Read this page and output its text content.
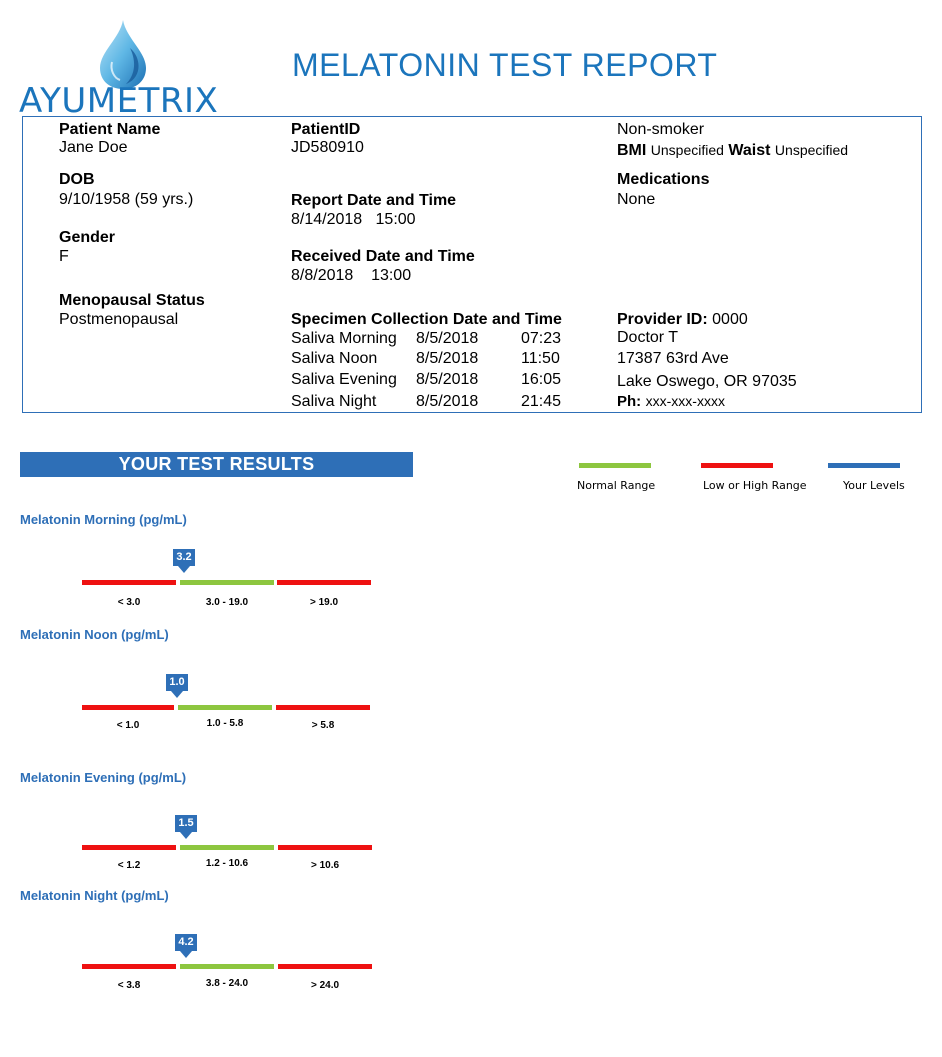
AYUMETRIX
MELATONIN TEST REPORT
Patient Name
Jane Doe
DOB
9/10/1958 (59 yrs.)
Gender
F
Menopausal Status
Postmenopausal
PatientID
JD580910
Report Date and Time
8/14/2018 15:00
Received Date and Time
8/8/2018 13:00
Specimen Collection Date and Time
Saliva Morning 8/5/2018	07:23
Saliva Noon 8/5/2018	11:50
Saliva Evening 8/5/2018	16:05
Saliva Night 8/5/2018	21:45
Non-smoker
BMI Unspecified Waist Unspecified
Medications
None
Provider ID: 0000
Doctor T
17387 63rd Ave
Lake Oswego, OR 97035
Ph: xxx-xxx-xxxx
YOUR TEST RESULTS
Normal Range	Low or High Range	Your Levels
Melatonin Morning (pg/mL)
3.2
< 3.0	3.0 - 19.0	> 19.0
Melatonin Noon (pg/mL)
1.0
< 1.0	1.0 - 5.8	> 5.8
Melatonin Evening (pg/mL)
1.5
< 1.2	1.2 - 10.6	> 10.6
Melatonin Night (pg/mL)
4.2
< 3.8	3.8 - 24.0	> 24.0
